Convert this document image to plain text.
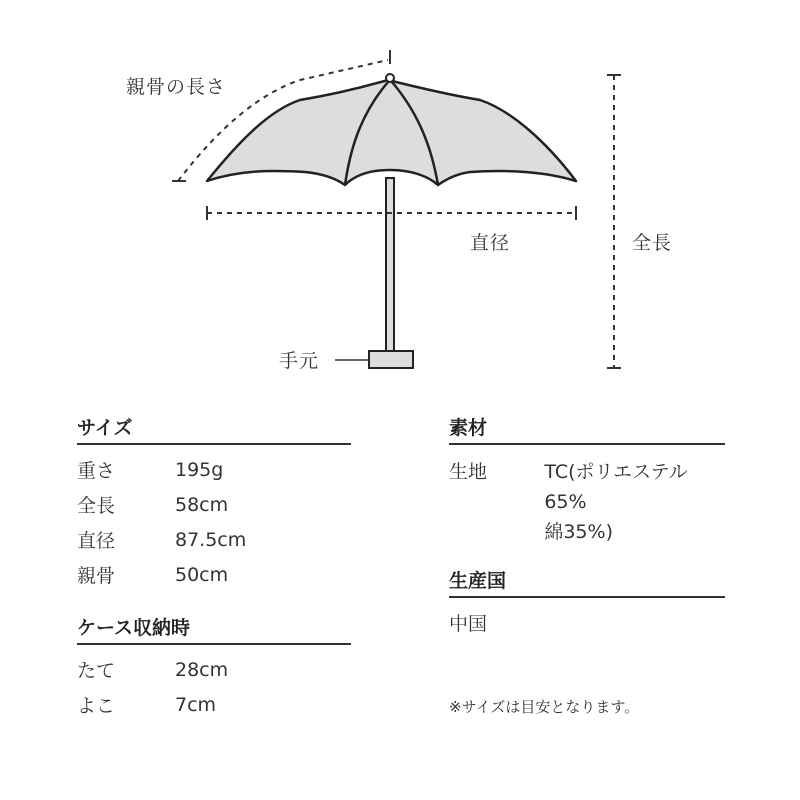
親骨の長さ
直径	全長
手元
サイズ
重さ	195g
全長	58cm
直径	87.5cm
親骨	50cm
ケース収納時
たて	28cm
よこ	7cm
素材
生地	TC(ポリエステル65%
綿35%)
生産国
中国
※サイズは目安となります。
